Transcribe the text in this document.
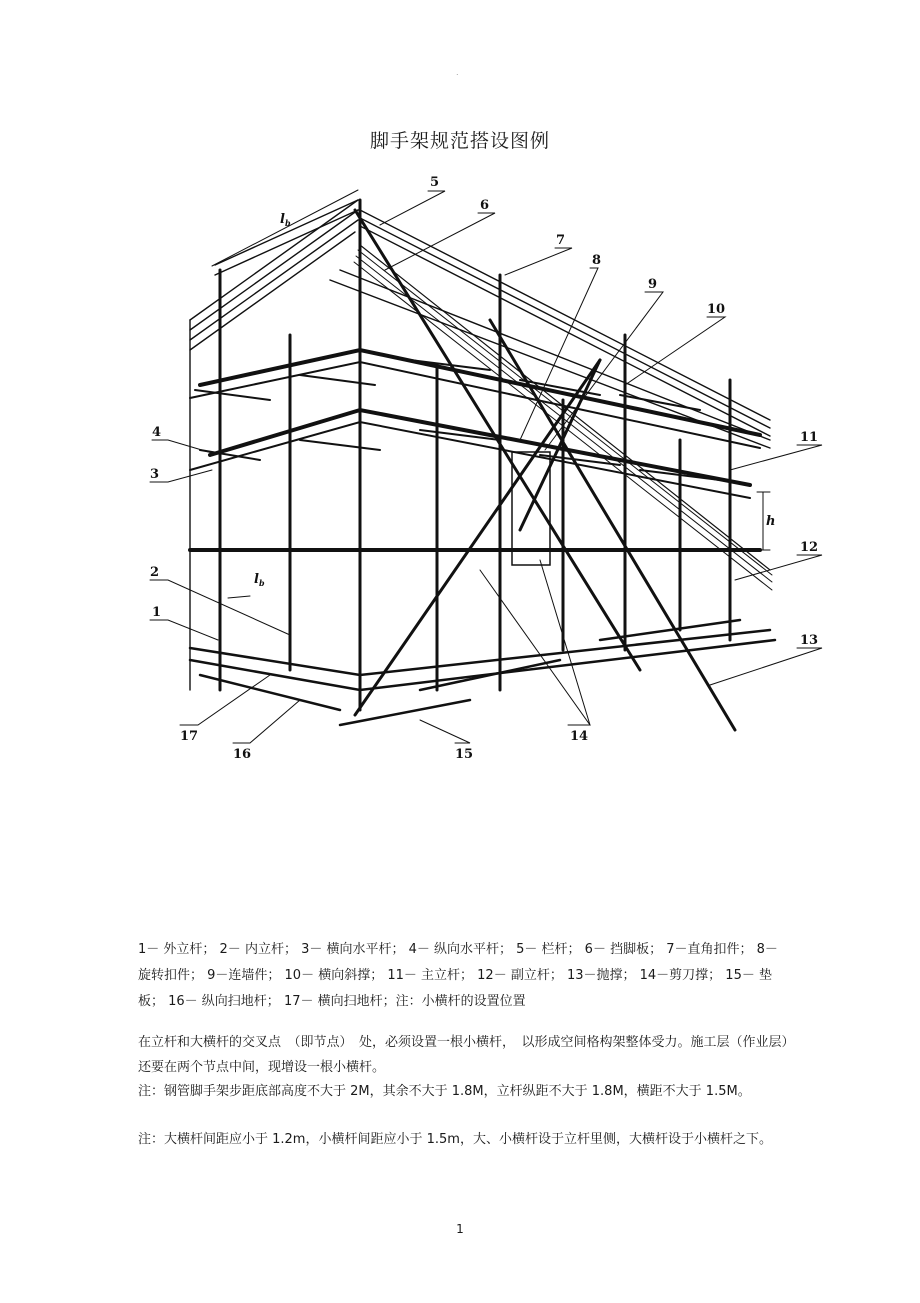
.
脚手架规范搭设图例
$l_b$
$l_b$
h
5
6
7
8
9
10
11
12
13
4
3
2
1
17
16	15
14
1－ 外立杆； 2－ 内立杆； 3－ 横向水平杆； 4－ 纵向水平杆； 5－ 栏杆； 6－ 挡脚板； 7－直角扣件； 8－旋转扣件； 9－连墙件； 10－ 横向斜撑； 11－ 主立杆； 12－ 副立杆； 13－抛撑； 14－剪刀撑； 15－ 垫板； 16－ 纵向扫地杆； 17－ 横向扫地杆；注：小横杆的设置位置
在立杆和大横杆的交叉点　（即节点）　处，必须设置一根小横杆，　以形成空间格构架整体受力。施工层（作业层）还要在两个节点中间，现增设一根小横杆。
注：钢管脚手架步距底部高度不大于 2M，其余不大于 1.8M，立杆纵距不大于 1.8M，横距不大于 1.5M。
注：大横杆间距应小于 1.2m，小横杆间距应小于 1.5m，大、小横杆设于立杆里侧，大横杆设于小横杆之下。
1
